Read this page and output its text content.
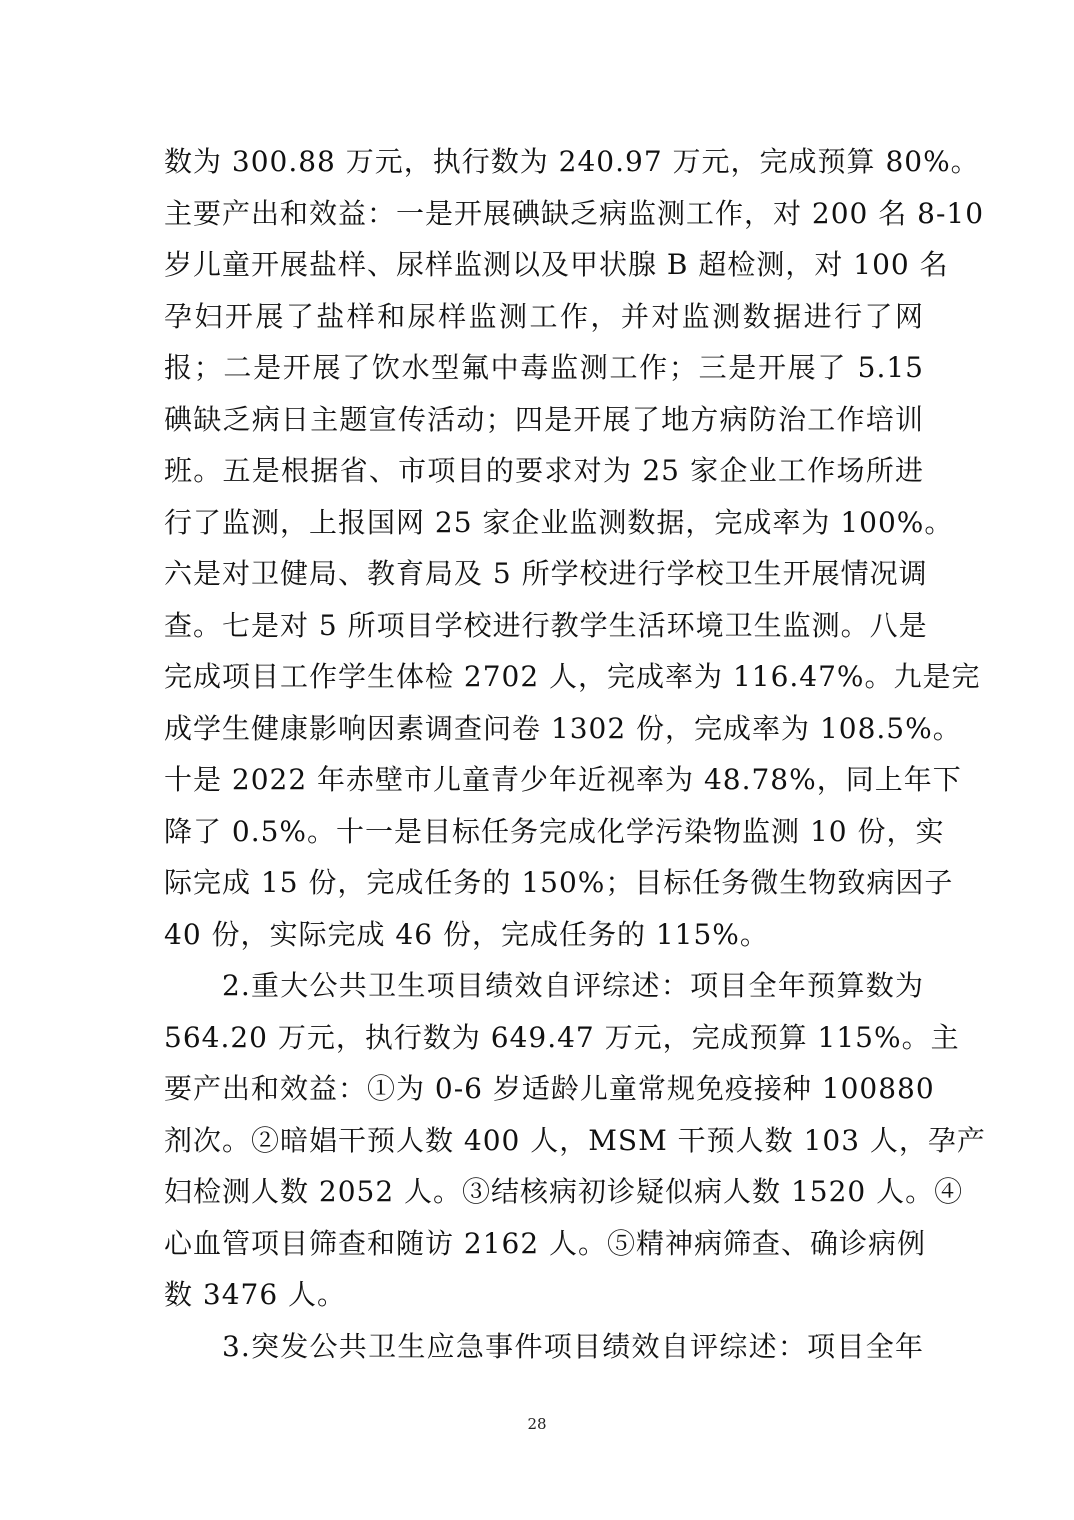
数为 300.88 万元，执行数为 240.97 万元，完成预算 80%。
主要产出和效益：一是开展碘缺乏病监测工作，对 200 名 8-10
岁儿童开展盐样、尿样监测以及甲状腺 B 超检测，对 100 名
孕妇开展了盐样和尿样监测工作，并对监测数据进行了网
报；二是开展了饮水型氟中毒监测工作；三是开展了 5.15
碘缺乏病日主题宣传活动；四是开展了地方病防治工作培训
班。五是根据省、市项目的要求对为 25 家企业工作场所进
行了监测，上报国网 25 家企业监测数据，完成率为 100%。
六是对卫健局、教育局及 5 所学校进行学校卫生开展情况调
查。七是对 5 所项目学校进行教学生活环境卫生监测。八是
完成项目工作学生体检 2702 人，完成率为 116.47%。九是完
成学生健康影响因素调查问卷 1302 份，完成率为 108.5%。
十是 2022 年赤壁市儿童青少年近视率为 48.78%，同上年下
降了 0.5%。十一是目标任务完成化学污染物监测 10 份，实
际完成 15 份，完成任务的 150%；目标任务微生物致病因子
40 份，实际完成 46 份，完成任务的 115%。
2.重大公共卫生项目绩效自评综述：项目全年预算数为
564.20 万元，执行数为 649.47 万元，完成预算 115%。主
要产出和效益：①为 0-6 岁适龄儿童常规免疫接种 100880
剂次。②暗娼干预人数 400 人，MSM 干预人数 103 人，孕产
妇检测人数 2052 人。③结核病初诊疑似病人数 1520 人。④
心血管项目筛查和随访 2162 人。⑤精神病筛查、确诊病例
数 3476 人。
3.突发公共卫生应急事件项目绩效自评综述：项目全年
28
